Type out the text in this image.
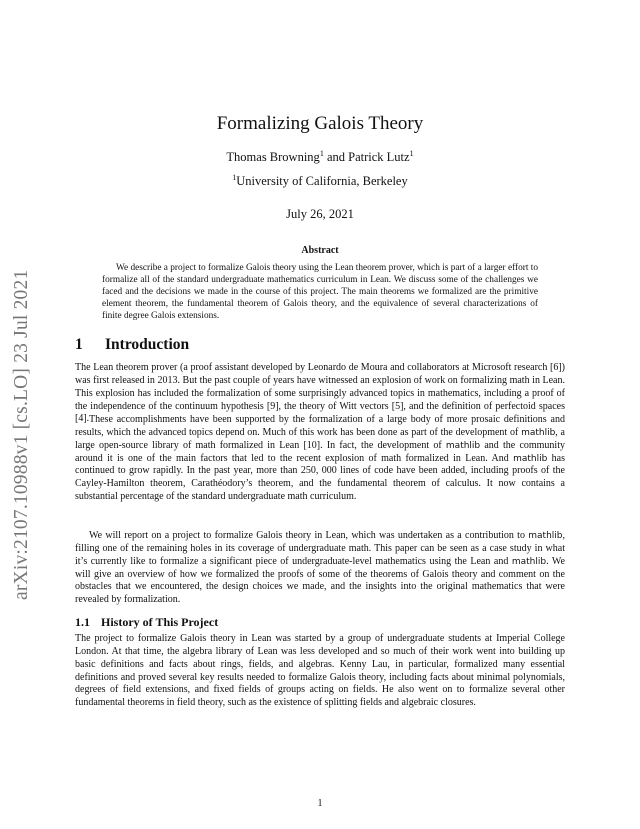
arXiv:2107.10988v1 [cs.LO] 23 Jul 2021
Formalizing Galois Theory
Thomas Browning$^1$ and Patrick Lutz$^1$
$^1$University of California, Berkeley
July 26, 2021
Abstract
We describe a project to formalize Galois theory using the Lean theorem prover, which is part of a larger effort to formalize all of the standard undergraduate mathematics curriculum in Lean. We discuss some of the challenges we faced and the decisions we made in the course of this project. The main theorems we formalized are the primitive element theorem, the fundamental theorem of Galois theory, and the equivalence of several characterizations of finite degree Galois extensions.
1 Introduction
The Lean theorem prover (a proof assistant developed by Leonardo de Moura and collaborators at Microsoft research [6]) was first released in 2013. But the past couple of years have witnessed an explosion of work on formalizing math in Lean. This explosion has included the formalization of some surprisingly advanced topics in mathematics, including a proof of the independence of the continuum hypothesis [9], the theory of Witt vectors [5], and the definition of perfectoid spaces [4]. These accomplishments have been supported by the formalization of a large body of more prosaic definitions and results, which the advanced topics depend on. Much of this work has been done as part of the development of mathlib, a large open-source library of math formalized in Lean [10]. In fact, the development of mathlib and the community around it is one of the main factors that led to the recent explosion of math formalized in Lean. And mathlib has continued to grow rapidly. In the past year, more than 250, 000 lines of code have been added, including proofs of the Cayley-Hamilton theorem, Carathéodory’s theorem, and the fundamental theorem of calculus. It now contains a substantial percentage of the standard undergraduate math curriculum.
We will report on a project to formalize Galois theory in Lean, which was undertaken as a contribution to mathlib, filling one of the remaining holes in its coverage of undergraduate math. This paper can be seen as a case study in what it’s currently like to formalize a significant piece of undergraduate-level mathematics using the Lean and mathlib. We will give an overview of how we formalized the proofs of some of the theorems of Galois theory and comment on the obstacles that we encountered, the design choices we made, and the insights into the original mathematics that were revealed by formalization.
1.1 History of This Project
The project to formalize Galois theory in Lean was started by a group of undergraduate students at Imperial College London. At that time, the algebra library of Lean was less developed and so much of their work went into building up basic definitions and facts about rings, fields, and algebras. Kenny Lau, in particular, formalized many essential definitions and proved several key results needed to formalize Galois theory, including facts about minimal polynomials, degrees of field extensions, and fixed fields of groups acting on fields. He also went on to formalize several other fundamental theorems in field theory, such as the existence of splitting fields and algebraic closures.
1
